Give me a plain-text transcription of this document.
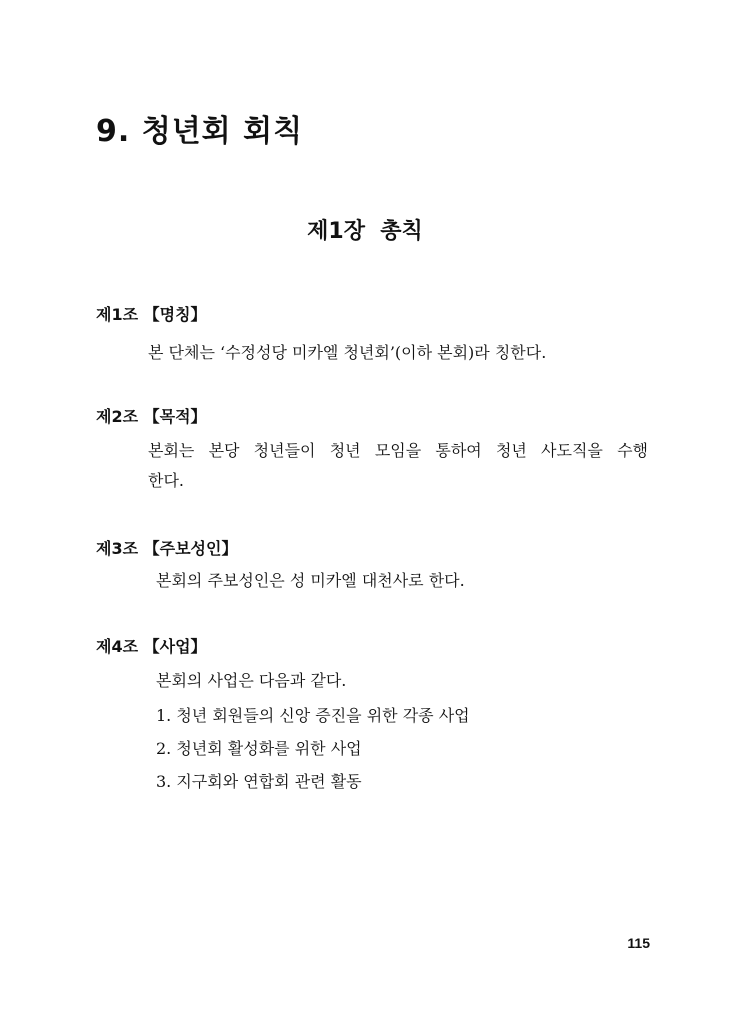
9. 청년회 회칙
제1장  총칙
제1조 【명칭】
본 단체는 ‘수정성당 미카엘 청년회’(이하 본회)라 칭한다.
제2조 【목적】
본회는 본당 청년들이 청년 모임을 통하여 청년 사도직을 수행
한다.
제3조 【주보성인】
본회의 주보성인은 성 미카엘 대천사로 한다.
제4조 【사업】
본회의 사업은 다음과 같다.
1. 청년 회원들의 신앙 증진을 위한 각종 사업
2. 청년회 활성화를 위한 사업
3. 지구회와 연합회 관련 활동
115
